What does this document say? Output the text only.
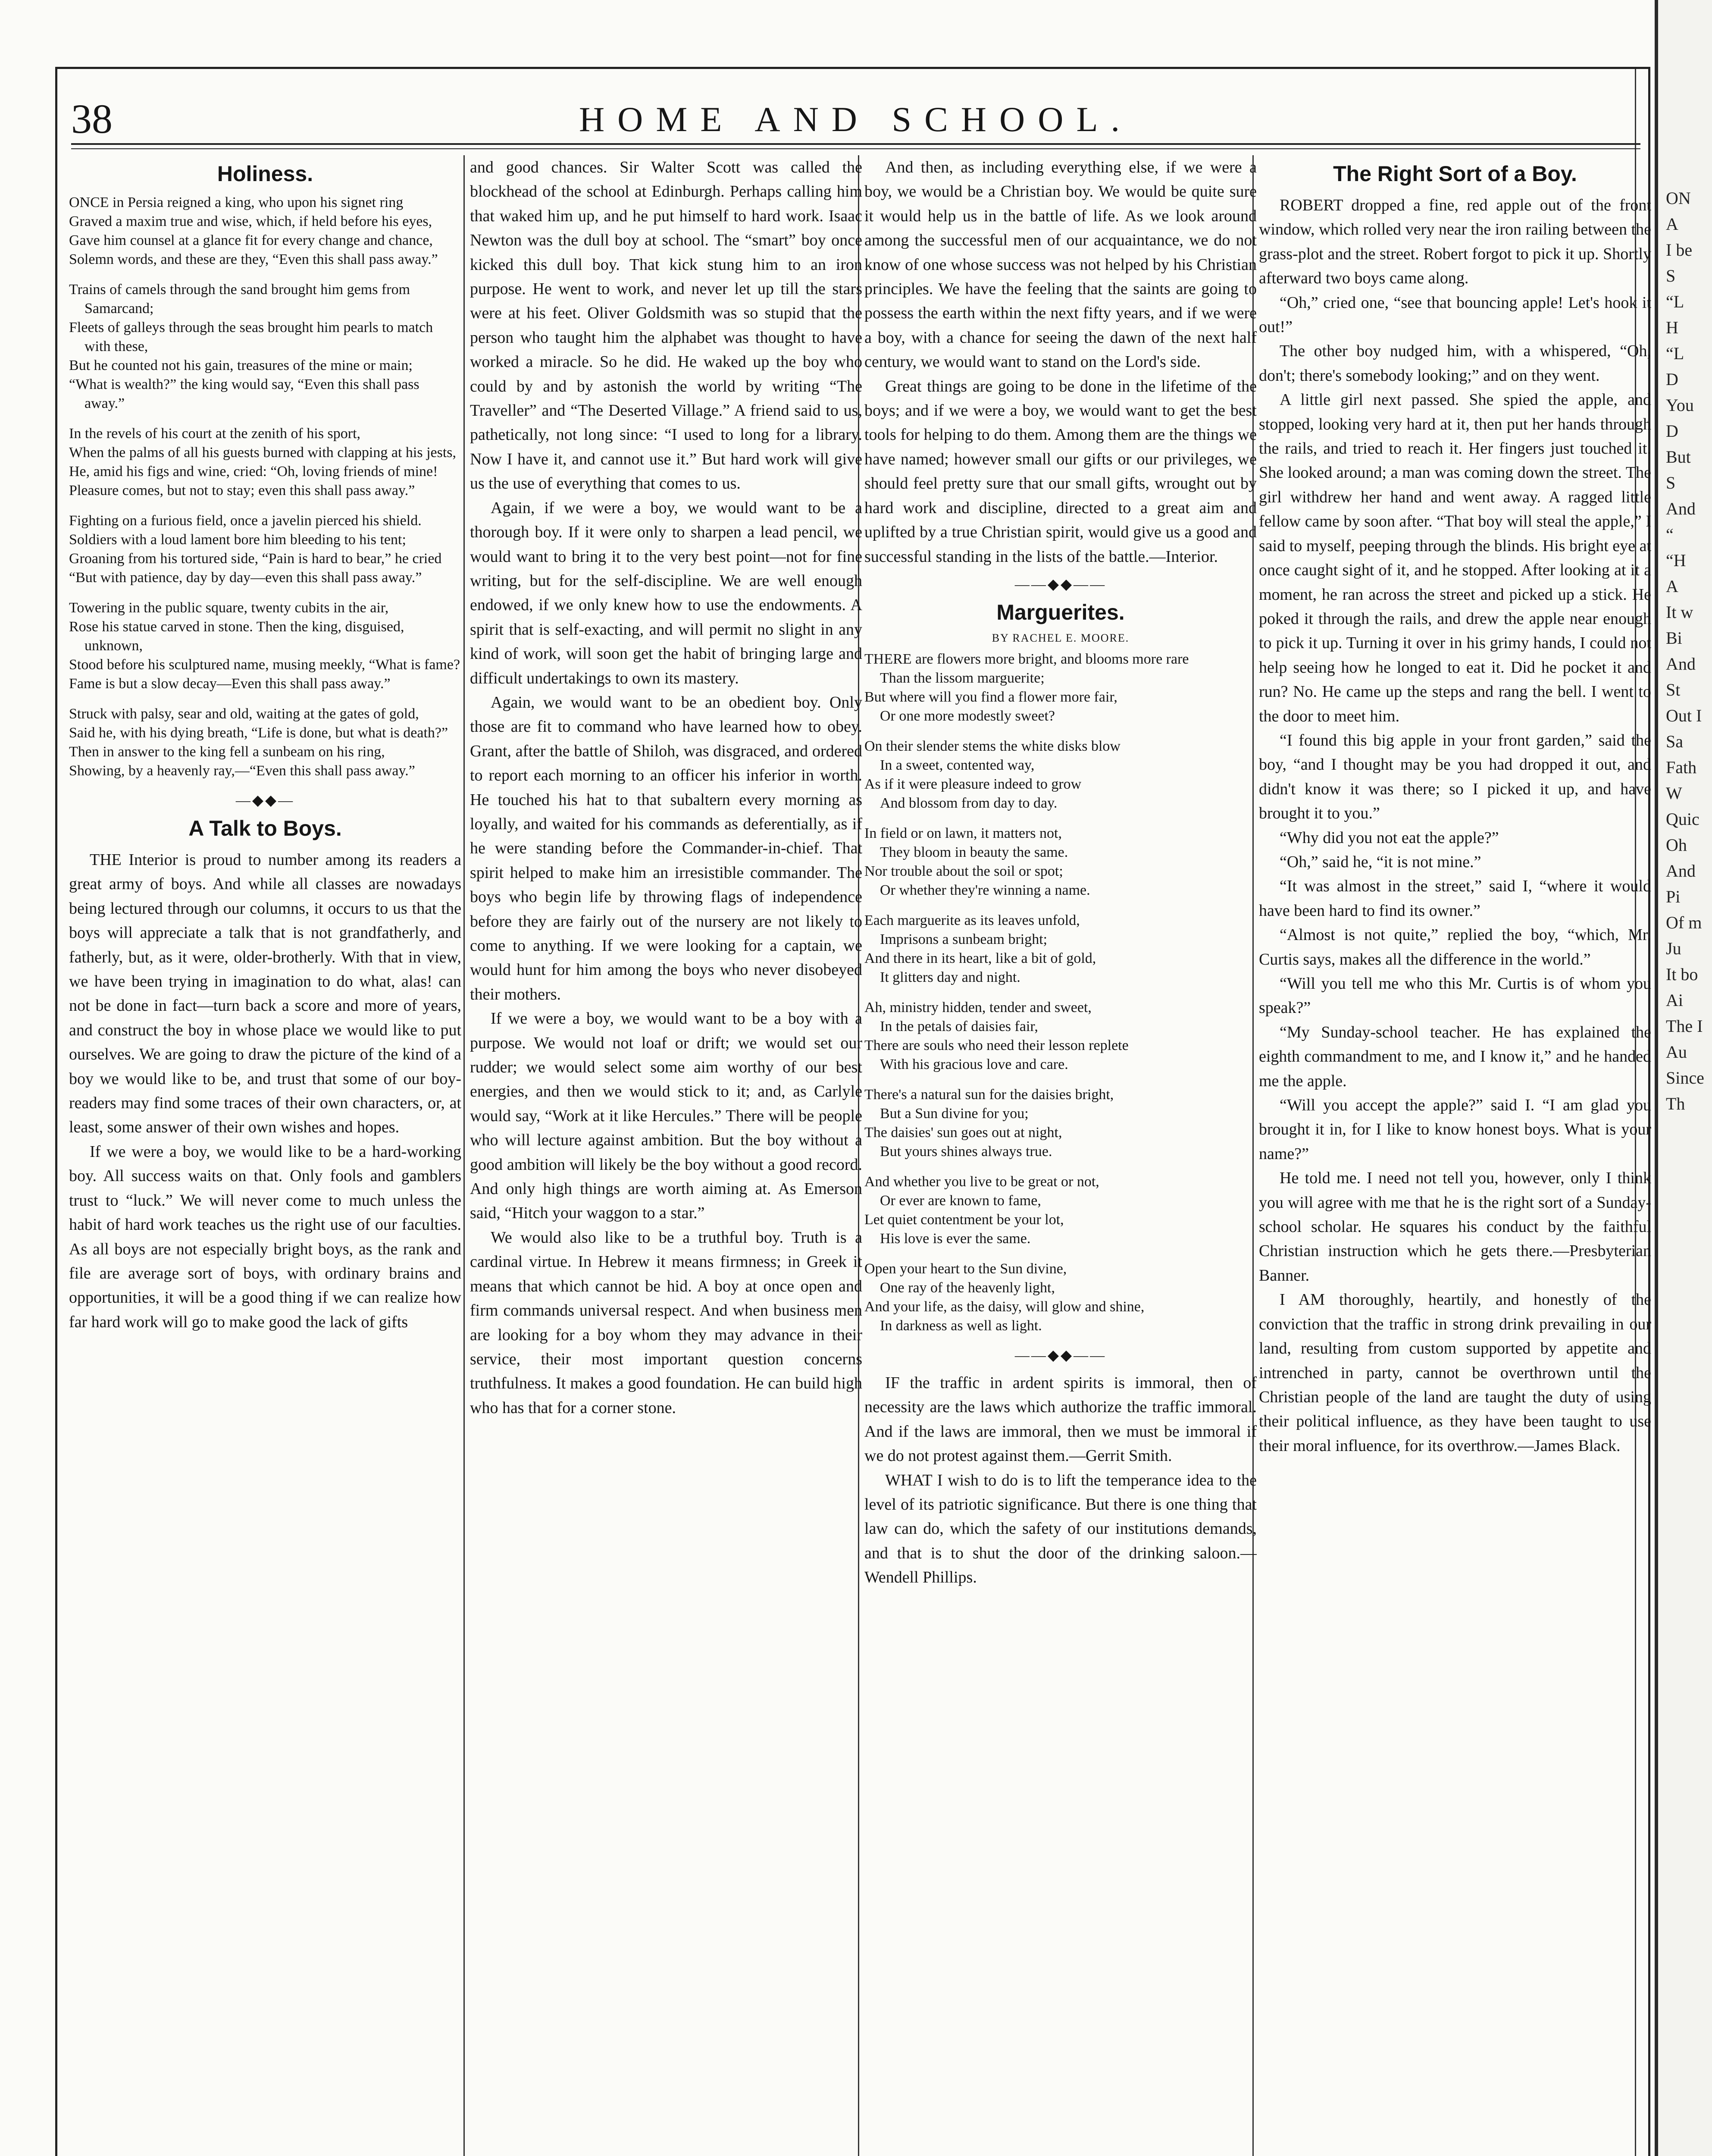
38	HOME AND SCHOOL.
Holiness.
ONCE in Persia reigned a king, who upon his signet ring
Graved a maxim true and wise, which, if held before his eyes,
Gave him counsel at a glance fit for every change and chance,
Solemn words, and these are they, “Even this shall pass away.”
Trains of camels through the sand brought him gems from Samarcand;
Fleets of galleys through the seas brought him pearls to match with these,
But he counted not his gain, treasures of the mine or main;
“What is wealth?” the king would say, “Even this shall pass away.”
In the revels of his court at the zenith of his sport,
When the palms of all his guests burned with clapping at his jests,
He, amid his figs and wine, cried: “Oh, loving friends of mine!
Pleasure comes, but not to stay; even this shall pass away.”
Fighting on a furious field, once a javelin pierced his shield.
Soldiers with a loud lament bore him bleeding to his tent;
Groaning from his tortured side, “Pain is hard to bear,” he cried
“But with patience, day by day—even this shall pass away.”
Towering in the public square, twenty cubits in the air,
Rose his statue carved in stone. Then the king, disguised, unknown,
Stood before his sculptured name, musing meekly, “What is fame?
Fame is but a slow decay—Even this shall pass away.”
Struck with palsy, sear and old, waiting at the gates of gold,
Said he, with his dying breath, “Life is done, but what is death?”
Then in answer to the king fell a sunbeam on his ring,
Showing, by a heavenly ray,—“Even this shall pass away.”
—◆◆—
A Talk to Boys.

THE Interior is proud to number among its readers a great army of boys. And while all classes are nowadays being lectured through our columns, it occurs to us that the boys will appreciate a talk that is not grandfatherly, and fatherly, but, as it were, older-brotherly. With that in view, we have been trying in imagination to do what, alas! can not be done in fact—turn back a score and more of years, and construct the boy in whose place we would like to put ourselves. We are going to draw the picture of the kind of a boy we would like to be, and trust that some of our boy-readers may find some traces of their own characters, or, at least, some answer of their own wishes and hopes.

If we were a boy, we would like to be a hard-working boy. All success waits on that. Only fools and gamblers trust to “luck.” We will never come to much unless the habit of hard work teaches us the right use of our faculties. As all boys are not especially bright boys, as the rank and file are average sort of boys, with ordinary brains and opportunities, it will be a good thing if we can realize how far hard work will go to make good the lack of gifts

and good chances. Sir Walter Scott was called the blockhead of the school at Edinburgh. Perhaps calling him that waked him up, and he put himself to hard work. Isaac Newton was the dull boy at school. The “smart” boy once kicked this dull boy. That kick stung him to an iron purpose. He went to work, and never let up till the stars were at his feet. Oliver Goldsmith was so stupid that the person who taught him the alphabet was thought to have worked a miracle. So he did. He waked up the boy who could by and by astonish the world by writing “The Traveller” and “The Deserted Village.” A friend said to us, pathetically, not long since: “I used to long for a library. Now I have it, and cannot use it.” But hard work will give us the use of everything that comes to us.

Again, if we were a boy, we would want to be a thorough boy. If it were only to sharpen a lead pencil, we would want to bring it to the very best point—not for fine writing, but for the self-discipline. We are well enough endowed, if we only knew how to use the endowments. A spirit that is self-exacting, and will permit no slight in any kind of work, will soon get the habit of bringing large and difficult undertakings to own its mastery.

Again, we would want to be an obedient boy. Only those are fit to command who have learned how to obey. Grant, after the battle of Shiloh, was disgraced, and ordered to report each morning to an officer his inferior in worth. He touched his hat to that subaltern every morning as loyally, and waited for his commands as deferentially, as if he were standing before the Commander-in-chief. That spirit helped to make him an irresistible commander. The boys who begin life by throwing flags of independence before they are fairly out of the nursery are not likely to come to anything. If we were looking for a captain, we would hunt for him among the boys who never disobeyed their mothers.

If we were a boy, we would want to be a boy with a purpose. We would not loaf or drift; we would set our rudder; we would select some aim worthy of our best energies, and then we would stick to it; and, as Carlyle would say, “Work at it like Hercules.” There will be people who will lecture against ambition. But the boy without a good ambition will likely be the boy without a good record. And only high things are worth aiming at. As Emerson said, “Hitch your waggon to a star.”

We would also like to be a truthful boy. Truth is a cardinal virtue. In Hebrew it means firmness; in Greek it means that which cannot be hid. A boy at once open and firm commands universal respect. And when business men are looking for a boy whom they may advance in their service, their most important question concerns truthfulness. It makes a good foundation. He can build high who has that for a corner stone.

And then, as including everything else, if we were a boy, we would be a Christian boy. We would be quite sure it would help us in the battle of life. As we look around among the successful men of our acquaintance, we do not know of one whose success was not helped by his Christian principles. We have the feeling that the saints are going to possess the earth within the next fifty years, and if we were a boy, with a chance for seeing the dawn of the next half century, we would want to stand on the Lord's side.

Great things are going to be done in the lifetime of the boys; and if we were a boy, we would want to get the best tools for helping to do them. Among them are the things we have named; however small our gifts or our privileges, we should feel pretty sure that our small gifts, wrought out by hard work and discipline, directed to a great aim and uplifted by a true Christian spirit, would give us a good and successful standing in the lists of the battle.—Interior.

——◆◆——
Marguerites.
BY RACHEL E. MOORE.
THERE are flowers more bright, and blooms more rare
Than the lissom marguerite;
But where will you find a flower more fair,
Or one more modestly sweet?
On their slender stems the white disks blow
In a sweet, contented way,
As if it were pleasure indeed to grow
And blossom from day to day.
In field or on lawn, it matters not,
They bloom in beauty the same.
Nor trouble about the soil or spot;
Or whether they're winning a name.
Each marguerite as its leaves unfold,
Imprisons a sunbeam bright;
And there in its heart, like a bit of gold,
It glitters day and night.
Ah, ministry hidden, tender and sweet,
In the petals of daisies fair,
There are souls who need their lesson replete
With his gracious love and care.
There's a natural sun for the daisies bright,
But a Sun divine for you;
The daisies' sun goes out at night,
But yours shines always true.
And whether you live to be great or not,
Or ever are known to fame,
Let quiet contentment be your lot,
His love is ever the same.
Open your heart to the Sun divine,
One ray of the heavenly light,
And your life, as the daisy, will glow and shine,
In darkness as well as light.
——◆◆——

IF the traffic in ardent spirits is immoral, then of necessity are the laws which authorize the traffic immoral. And if the laws are immoral, then we must be immoral if we do not protest against them.—Gerrit Smith.

WHAT I wish to do is to lift the temperance idea to the level of its patriotic significance. But there is one thing that law can do, which the safety of our institutions demands, and that is to shut the door of the drinking saloon.—Wendell Phillips.

The Right Sort of a Boy.

ROBERT dropped a fine, red apple out of the front window, which rolled very near the iron railing between the grass-plot and the street. Robert forgot to pick it up. Shortly afterward two boys came along.

“Oh,” cried one, “see that bouncing apple! Let's hook it out!”

The other boy nudged him, with a whispered, “Oh, don't; there's somebody looking;” and on they went.

A little girl next passed. She spied the apple, and stopped, looking very hard at it, then put her hands through the rails, and tried to reach it. Her fingers just touched it. She looked around; a man was coming down the street. The girl withdrew her hand and went away. A ragged little fellow came by soon after. “That boy will steal the apple,” I said to myself, peeping through the blinds. His bright eye at once caught sight of it, and he stopped. After looking at it a moment, he ran across the street and picked up a stick. He poked it through the rails, and drew the apple near enough to pick it up. Turning it over in his grimy hands, I could not help seeing how he longed to eat it. Did he pocket it and run? No. He came up the steps and rang the bell. I went to the door to meet him.

“I found this big apple in your front garden,” said the boy, “and I thought may be you had dropped it out, and didn't know it was there; so I picked it up, and have brought it to you.”

“Why did you not eat the apple?”

“Oh,” said he, “it is not mine.”

“It was almost in the street,” said I, “where it would have been hard to find its owner.”

“Almost is not quite,” replied the boy, “which, Mr. Curtis says, makes all the difference in the world.”

“Will you tell me who this Mr. Curtis is of whom you speak?”

“My Sunday-school teacher. He has explained the eighth commandment to me, and I know it,” and he handed me the apple.

“Will you accept the apple?” said I. “I am glad you brought it in, for I like to know honest boys. What is your name?”

He told me. I need not tell you, however, only I think you will agree with me that he is the right sort of a Sunday-school scholar. He squares his conduct by the faithful Christian instruction which he gets there.—Presbyterian Banner.

I AM thoroughly, heartily, and honestly of the conviction that the traffic in strong drink prevailing in our land, resulting from custom supported by appetite and intrenched in party, cannot be overthrown until the Christian people of the land are taught the duty of using their political influence, as they have been taught to use their moral influence, for its overthrow.—James Black.

ON
A
I be
S
“L
H
“L
D
You
D
But
S
And
“
“H
A
It w
Bi
And
St
Out I
Sa
Fath
W
Quic
Oh
And
Pi
Of m
Ju
It bo
Ai
The I
Au
Since
Th
